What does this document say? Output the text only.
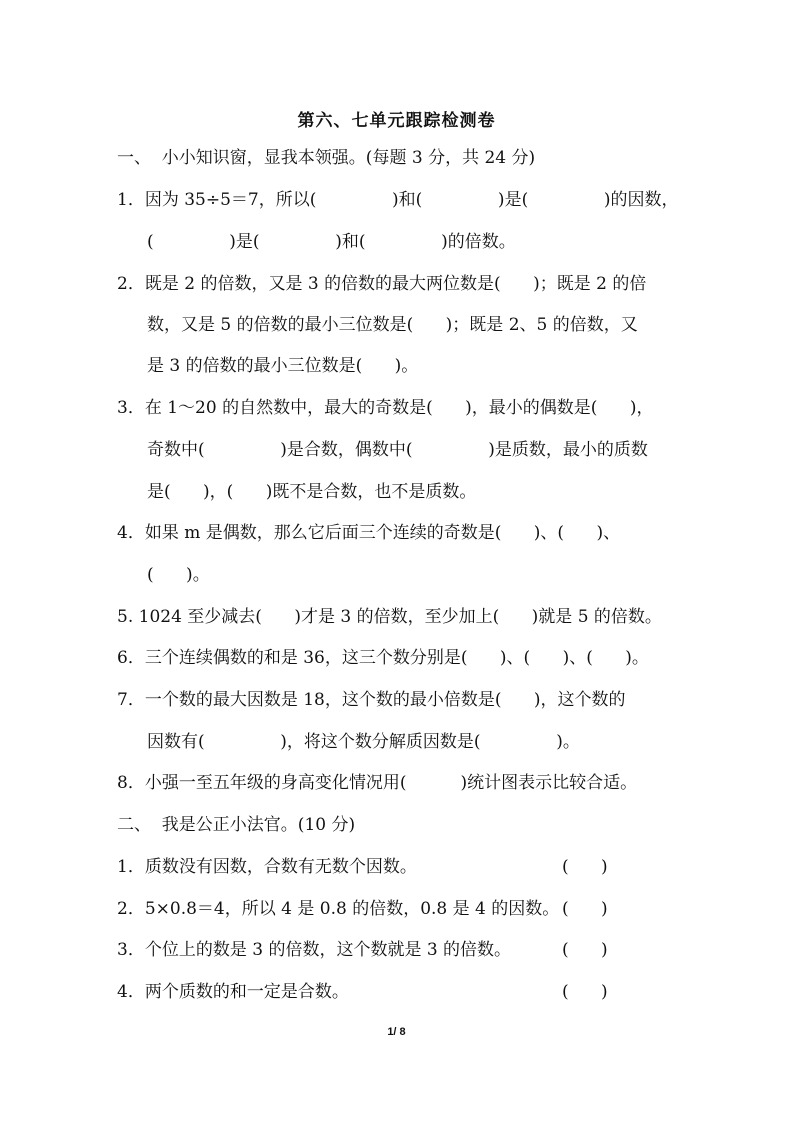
第六、七单元跟踪检测卷
一、  小小知识窗，显我本领强。(每题 3 分，共 24 分)
1．因为 35÷5＝7，所以(              )和(              )是(              )的因数，
(              )是(              )和(              )的倍数。
2．既是 2 的倍数，又是 3 的倍数的最大两位数是(      )；既是 2 的倍
数，又是 5 的倍数的最小三位数是(      )；既是 2、5 的倍数，又
是 3 的倍数的最小三位数是(      )。
3．在 1～20 的自然数中，最大的奇数是(      )，最小的偶数是(      )，
奇数中(              )是合数，偶数中(              )是质数，最小的质数
是(      )，(      )既不是合数，也不是质数。
4．如果 m 是偶数，那么它后面三个连续的奇数是(      )、(      )、
(      )。
5. 1024 至少减去(      )才是 3 的倍数，至少加上(      )就是 5 的倍数。
6．三个连续偶数的和是 36，这三个数分别是(      )、(      )、(      )。
7．一个数的最大因数是 18，这个数的最小倍数是(      )，这个数的
因数有(              )，将这个数分解质因数是(              )。
8．小强一至五年级的身高变化情况用(          )统计图表示比较合适。
二、  我是公正小法官。(10 分)
1．质数没有因数，合数有无数个因数。	(      )
2．5×0.8＝4，所以 4 是 0.8 的倍数，0.8 是 4 的因数。 (      )
3．个位上的数是 3 的倍数，这个数就是 3 的倍数。	(      )
4．两个质数的和一定是合数。	(      )
1/ 8
